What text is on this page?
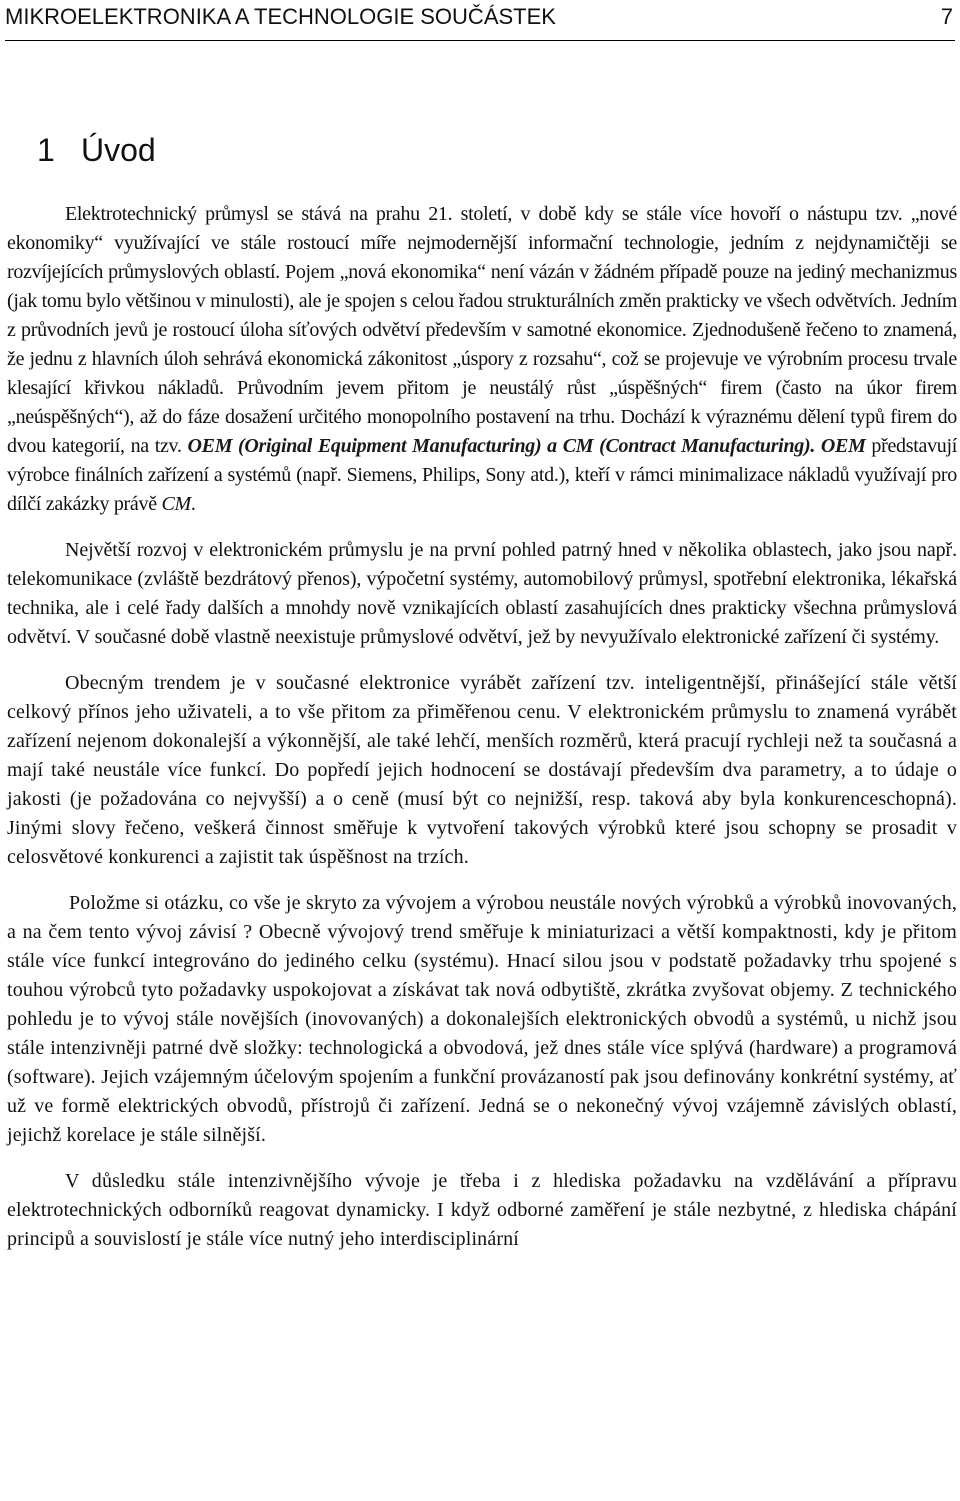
MIKROELEKTRONIKA A TECHNOLOGIE SOUČÁSTEK	7
1 Úvod

Elektrotechnický průmysl se stává na prahu 21. století, v době kdy se stále více hovoří o nástupu tzv. „nové ekonomiky“ využívající ve stále rostoucí míře nejmodernější informační technologie, jedním z nejdynamičtěji se rozvíjejících průmyslových oblastí. Pojem „nová ekonomika“ není vázán v žádném případě pouze na jediný mechanizmus (jak tomu bylo většinou v minulosti), ale je spojen s celou řadou strukturálních změn prakticky ve všech odvětvích. Jedním z průvodních jevů je rostoucí úloha síťových odvětví především v samotné ekonomice. Zjednodušeně řečeno to znamená, že jednu z hlavních úloh sehrává ekonomická zákonitost „úspory z rozsahu“, což se projevuje ve výrobním procesu trvale klesající křivkou nákladů. Průvodním jevem přitom je neustálý růst „úspěšných“ firem (často na úkor firem „neúspěšných“), až do fáze dosažení určitého monopolního postavení na trhu. Dochází k výraznému dělení typů firem do dvou kategorií, na tzv. OEM (Original Equipment Manufacturing) a CM (Contract Manufacturing). OEM představují výrobce finálních zařízení a systémů (např. Siemens, Philips, Sony atd.), kteří v rámci minimalizace nákladů využívají pro dílčí zakázky právě CM.

Největší rozvoj v elektronickém průmyslu je na první pohled patrný hned v několika oblastech, jako jsou např. telekomunikace (zvláště bezdrátový přenos), výpočetní systémy, automobilový průmysl, spotřební elektronika, lékařská technika, ale i celé řady dalších a mnohdy nově vznikajících oblastí zasahujících dnes prakticky všechna průmyslová odvětví. V současné době vlastně neexistuje průmyslové odvětví, jež by nevyužívalo elektronické zařízení či systémy.

Obecným trendem je v současné elektronice vyrábět zařízení tzv. inteligentnější, přinášející stále větší celkový přínos jeho uživateli, a to vše přitom za přiměřenou cenu. V elektronickém průmyslu to znamená vyrábět zařízení nejenom dokonalejší a výkonnější, ale také lehčí, menších rozměrů, která pracují rychleji než ta současná a mají také neustále více funkcí. Do popředí jejich hodnocení se dostávají především dva parametry, a to údaje o jakosti (je požadována co nejvyšší) a o ceně (musí být co nejnižší, resp. taková aby byla konkurenceschopná). Jinými slovy řečeno, veškerá činnost směřuje k vytvoření takových výrobků které jsou schopny se prosadit v celosvětové konkurenci a zajistit tak úspěšnost na trzích.

Položme si otázku, co vše je skryto za vývojem a výrobou neustále nových výrobků a výrobků inovovaných, a na čem tento vývoj závisí ? Obecně vývojový trend směřuje k miniaturizaci a větší kompaktnosti, kdy je přitom stále více funkcí integrováno do jediného celku (systému). Hnací silou jsou v podstatě požadavky trhu spojené s touhou výrobců tyto požadavky uspokojovat a získávat tak nová odbytiště, zkrátka zvyšovat objemy. Z technického pohledu je to vývoj stále novějších (inovovaných) a dokonalejších elektronických obvodů a systémů, u nichž jsou stále intenzivněji patrné dvě složky: technologická a obvodová, jež dnes stále více splývá (hardware) a programová (software). Jejich vzájemným účelovým spojením a funkční provázaností pak jsou definovány konkrétní systémy, ať už ve formě elektrických obvodů, přístrojů či zařízení. Jedná se o nekonečný vývoj vzájemně závislých oblastí, jejichž korelace je stále silnější.

V důsledku stále intenzivnějšího vývoje je třeba i z hlediska požadavku na vzdělávání a přípravu elektrotechnických odborníků reagovat dynamicky. I když odborné zaměření je stále nezbytné, z hlediska chápání principů a souvislostí je stále více nutný jeho interdisciplinární
